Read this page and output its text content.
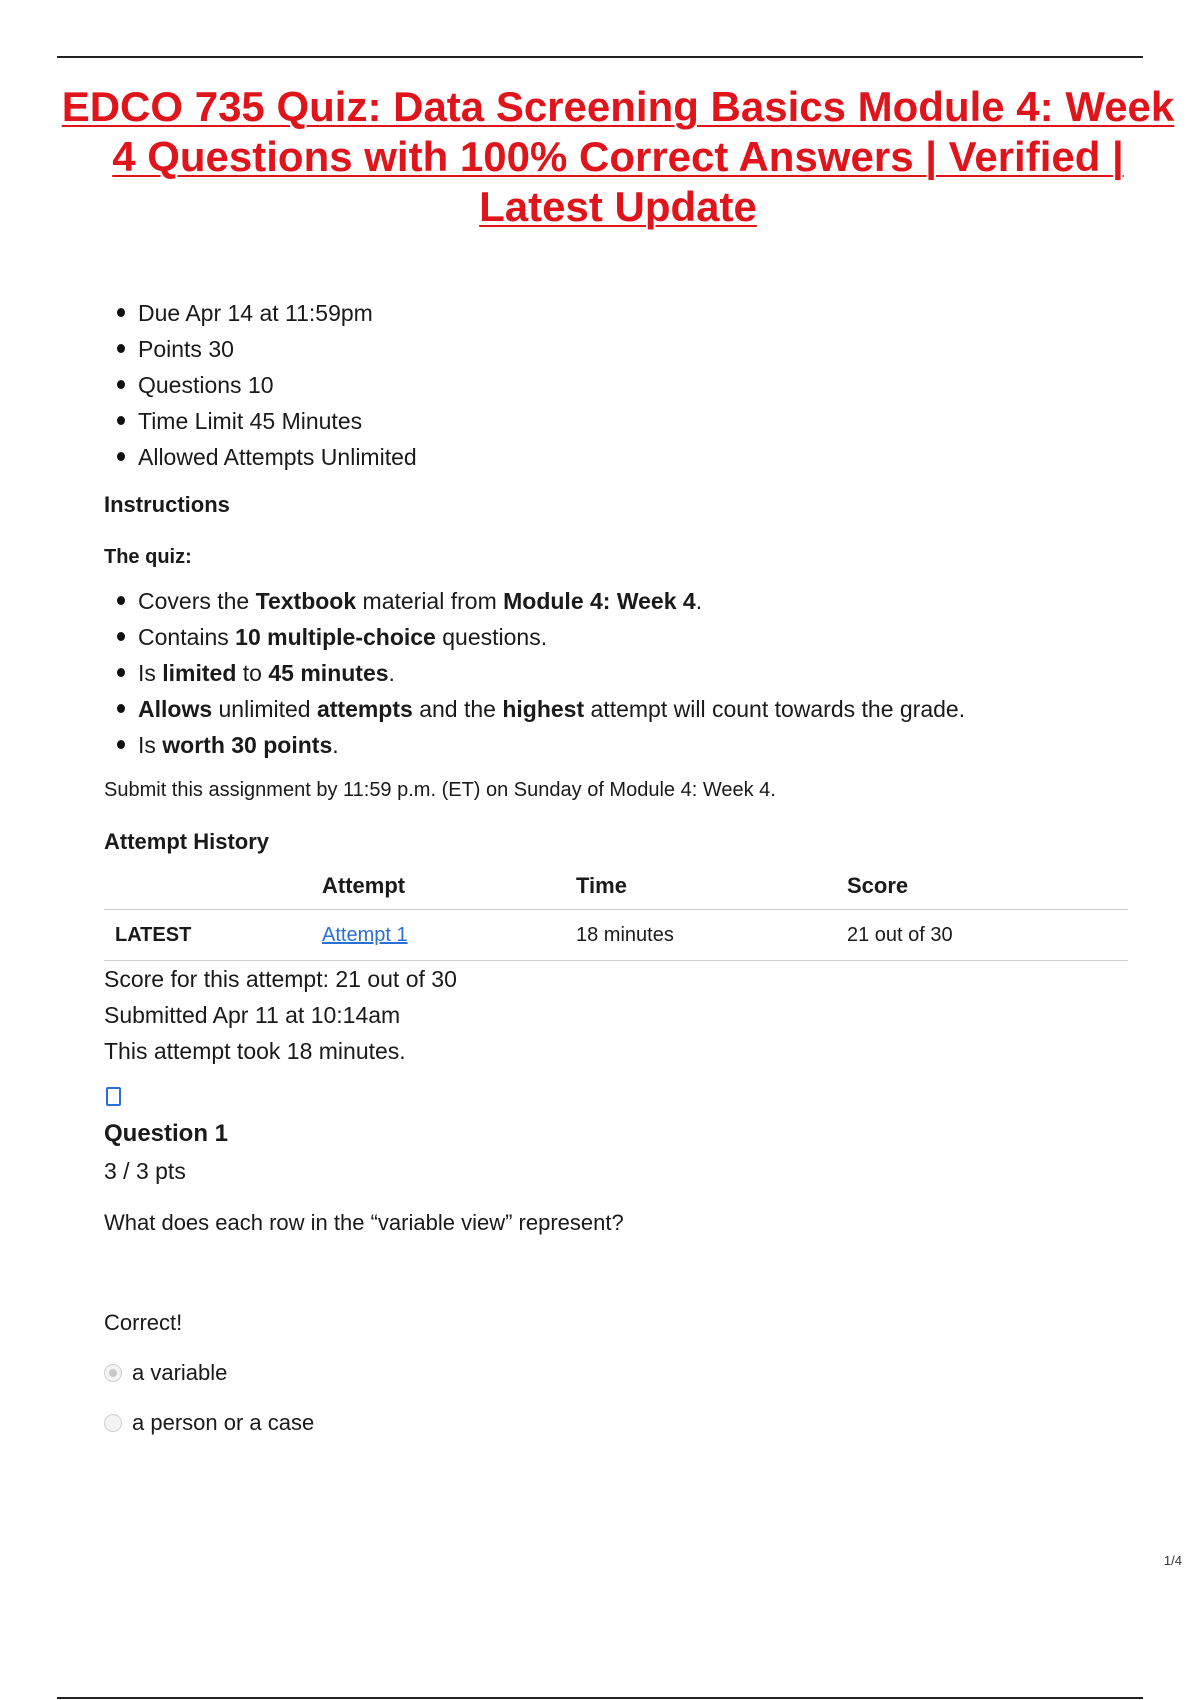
EDCO 735 Quiz: Data Screening Basics Module 4: Week 4 Questions with 100% Correct Answers | Verified | Latest Update
Due Apr 14 at 11:59pm
Points 30
Questions 10
Time Limit 45 Minutes
Allowed Attempts Unlimited
Instructions
The quiz:
Covers the Textbook material from Module 4: Week 4.
Contains 10 multiple-choice questions.
Is limited to 45 minutes.
Allows unlimited attempts and the highest attempt will count towards the grade.
Is worth 30 points.
Submit this assignment by 11:59 p.m. (ET) on Sunday of Module 4: Week 4.
Attempt History
	Attempt	Time	Score
LATEST	Attempt 1	18 minutes	21 out of 30
Score for this attempt: 21 out of 30
Submitted Apr 11 at 10:14am
This attempt took 18 minutes.
Question 1
3 / 3 pts
What does each row in the “variable view” represent?
Correct!
a variable
a person or a case
1/4
